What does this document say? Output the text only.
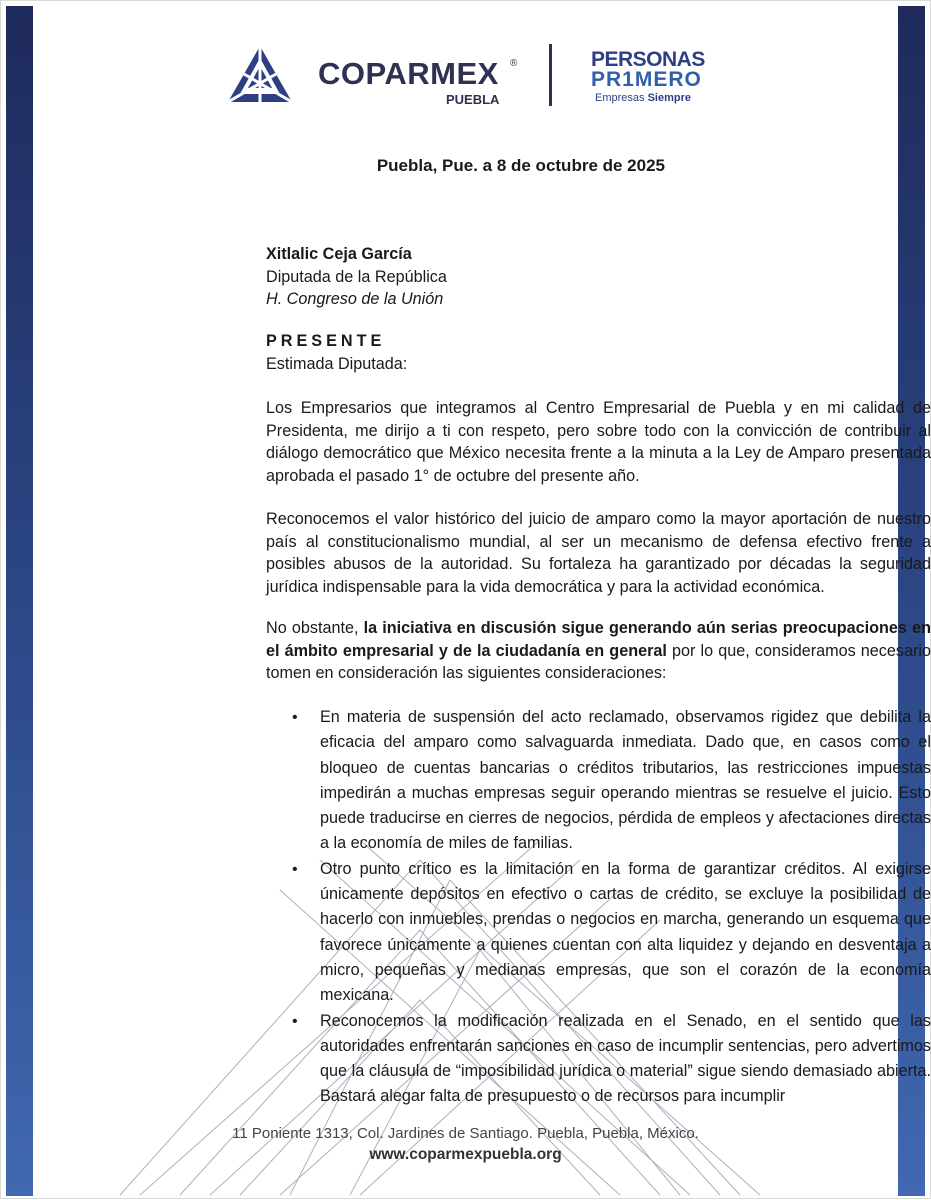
COPARMEX ®
PUEBLA
PERSONAS
PR1MERO
Empresas Siempre
Puebla, Pue. a 8 de octubre de 2025
Xitlalic Ceja García
Diputada de la República
H. Congreso de la Unión
PRESENTE
Estimada Diputada:
Los Empresarios que integramos al Centro Empresarial de Puebla y en mi calidad de Presidenta, me dirijo a ti con respeto, pero sobre todo con la convicción de contribuir al diálogo democrático que México necesita frente a la minuta a la Ley de Amparo presentada aprobada el pasado 1° de octubre del presente año.
Reconocemos el valor histórico del juicio de amparo como la mayor aportación de nuestro país al constitucionalismo mundial, al ser un mecanismo de defensa efectivo frente a posibles abusos de la autoridad. Su fortaleza ha garantizado por décadas la seguridad jurídica indispensable para la vida democrática y para la actividad económica.
No obstante, la iniciativa en discusión sigue generando aún serias preocupaciones en el ámbito empresarial y de la ciudadanía en general por lo que, consideramos necesario tomen en consideración las siguientes consideraciones:
• En materia de suspensión del acto reclamado, observamos rigidez que debilita la eficacia del amparo como salvaguarda inmediata. Dado que, en casos como el bloqueo de cuentas bancarias o créditos tributarios, las restricciones impuestas impedirán a muchas empresas seguir operando mientras se resuelve el juicio. Esto puede traducirse en cierres de negocios, pérdida de empleos y afectaciones directas a la economía de miles de familias.
• Otro punto crítico es la limitación en la forma de garantizar créditos. Al exigirse únicamente depósitos en efectivo o cartas de crédito, se excluye la posibilidad de hacerlo con inmuebles, prendas o negocios en marcha, generando un esquema que favorece únicamente a quienes cuentan con alta liquidez y dejando en desventaja a micro, pequeñas y medianas empresas, que son el corazón de la economía mexicana.
• Reconocemos la modificación realizada en el Senado, en el sentido que las autoridades enfrentarán sanciones en caso de incumplir sentencias, pero advertimos que la cláusula de “imposibilidad jurídica o material” sigue siendo demasiado abierta. Bastará alegar falta de presupuesto o de recursos para incumplir
11 Poniente 1313, Col. Jardines de Santiago. Puebla, Puebla, México.
www.coparmexpuebla.org
